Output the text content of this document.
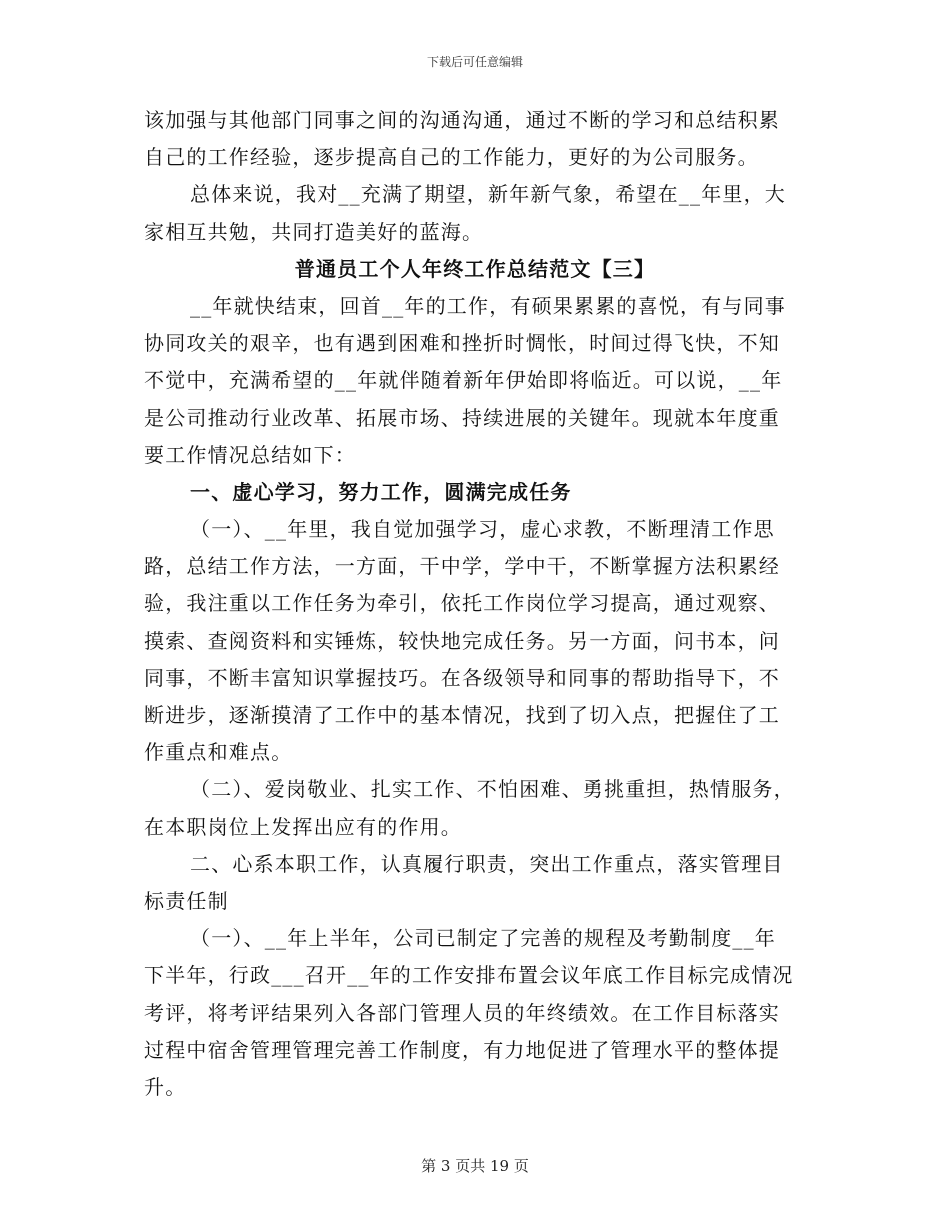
下载后可任意编辑
该加强与其他部门同事之间的沟通沟通，通过不断的学习和总结积累
自己的工作经验，逐步提高自己的工作能力，更好的为公司服务。
总体来说，我对__充满了期望，新年新气象，希望在__年里，大
家相互共勉，共同打造美好的蓝海。
普通员工个人年终工作总结范文【三】
__年就快结束，回首__年的工作，有硕果累累的喜悦，有与同事
协同攻关的艰辛，也有遇到困难和挫折时惆怅，时间过得飞快，不知
不觉中，充满希望的__年就伴随着新年伊始即将临近。可以说，__年
是公司推动行业改革、拓展市场、持续进展的关键年。现就本年度重
要工作情况总结如下：
一、虚心学习，努力工作，圆满完成任务
（一）、__年里，我自觉加强学习，虚心求教，不断理清工作思
路，总结工作方法，一方面，干中学，学中干，不断掌握方法积累经
验，我注重以工作任务为牵引，依托工作岗位学习提高，通过观察、
摸索、查阅资料和实锤炼，较快地完成任务。另一方面，问书本，问
同事，不断丰富知识掌握技巧。在各级领导和同事的帮助指导下，不
断进步，逐渐摸清了工作中的基本情况，找到了切入点，把握住了工
作重点和难点。
（二）、爱岗敬业、扎实工作、不怕困难、勇挑重担，热情服务，
在本职岗位上发挥出应有的作用。
二、心系本职工作，认真履行职责，突出工作重点，落实管理目
标责任制
（一）、__年上半年，公司已制定了完善的规程及考勤制度__年
下半年，行政___召开__年的工作安排布置会议年底工作目标完成情况
考评，将考评结果列入各部门管理人员的年终绩效。在工作目标落实
过程中宿舍管理管理完善工作制度，有力地促进了管理水平的整体提
升。
第 3 页共 19 页
